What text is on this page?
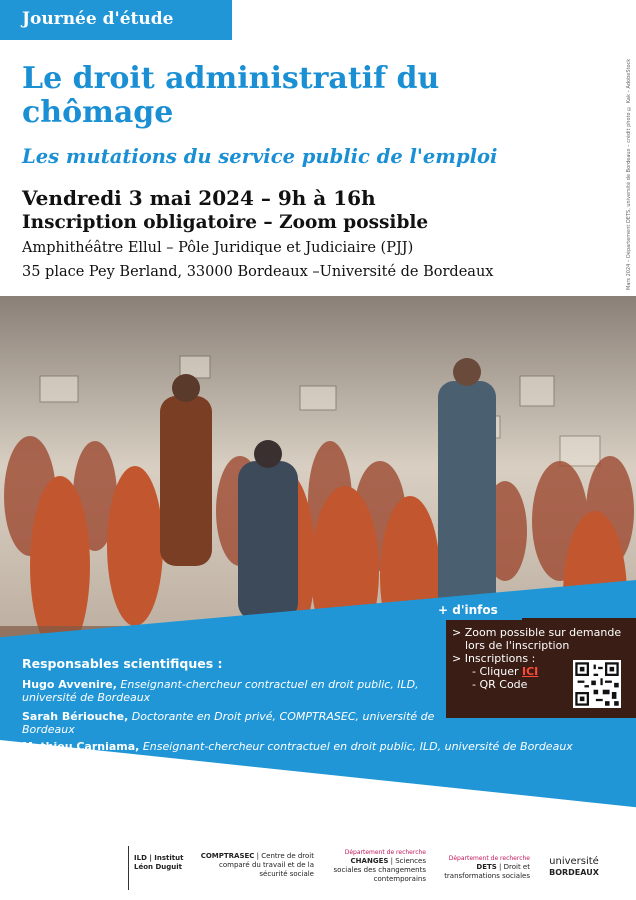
Journée d'étude
Le droit administratif du chômage
Les mutations du service public de l'emploi
Vendredi 3 mai 2024 – 9h à 16h
Inscription obligatoire – Zoom possible
Amphithéâtre Ellul – Pôle Juridique et Judiciaire (PJJ)
35 place Pey Berland, 33000 Bordeaux –Université de Bordeaux	Mars 2024 – Département DETS, université de Bordeaux – crédit photo © Kak – AdobeStock
+ d'infos
> Zoom possible sur demande
lors de l'inscription
> Inscriptions :
- Cliquer ICI
- QR Code
Responsables scientifiques :
Hugo Avvenire, Enseignant-chercheur contractuel en droit public, ILD, université de Bordeaux
Sarah Bériouche, Doctorante en Droit privé, COMPTRASEC, université de Bordeaux
Mathieu Carniama, Enseignant-chercheur contractuel en droit public, ILD, université de Bordeaux
Contact :
Caroline Almeida, Gestionnaire de l'Institut Léon Duguit
Mail : caroline.almeida@u-bordeaux.fr
ILD | Institut Léon Duguit
COMPTRASEC | Centre de droit comparé du travail et de la sécurité sociale
Département de recherche
CHANGES | Sciences sociales des changements contemporains
Département de recherche
DETS | Droit et transformations sociales
université
BORDEAUX
